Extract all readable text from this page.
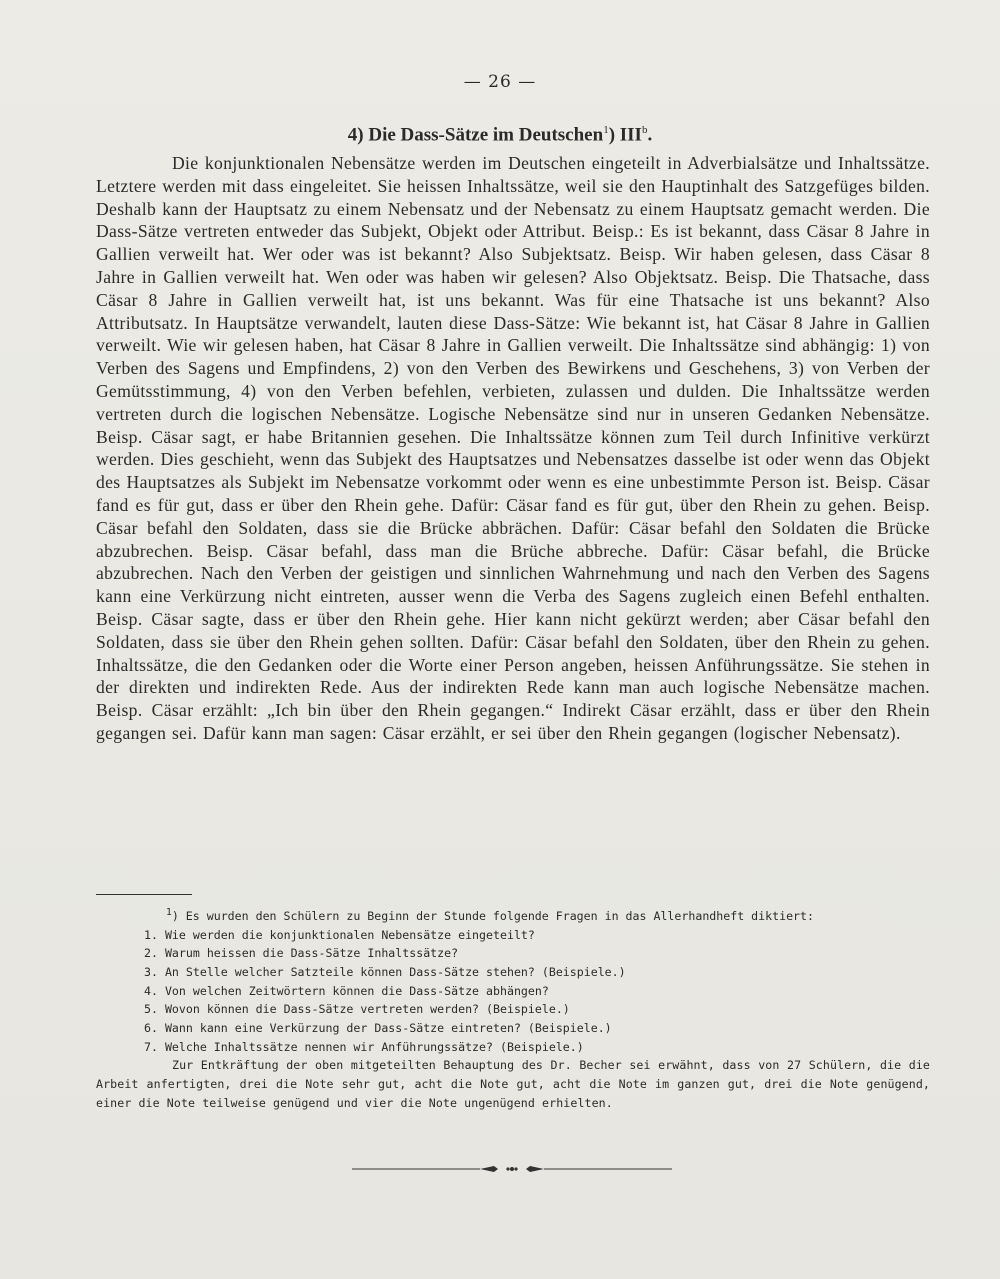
— 26 —
4) Die Dass-Sätze im Deutschen$^1$) III$^b$.

Die konjunktionalen Nebensätze werden im Deutschen eingeteilt in Adverbialsätze und Inhaltssätze. Letztere werden mit dass eingeleitet. Sie heissen Inhaltssätze, weil sie den Hauptinhalt des Satzgefüges bilden. Deshalb kann der Hauptsatz zu einem Nebensatz und der Nebensatz zu einem Hauptsatz gemacht werden. Die Dass-Sätze vertreten entweder das Subjekt, Objekt oder Attribut. Beisp.: Es ist bekannt, dass Cäsar 8 Jahre in Gallien verweilt hat. Wer oder was ist bekannt? Also Subjektsatz. Beisp. Wir haben gelesen, dass Cäsar 8 Jahre in Gallien verweilt hat. Wen oder was haben wir gelesen? Also Objektsatz. Beisp. Die Thatsache, dass Cäsar 8 Jahre in Gallien verweilt hat, ist uns bekannt. Was für eine Thatsache ist uns bekannt? Also Attributsatz. In Hauptsätze verwandelt, lauten diese Dass-Sätze: Wie bekannt ist, hat Cäsar 8 Jahre in Gallien verweilt. Wie wir gelesen haben, hat Cäsar 8 Jahre in Gallien verweilt. Die Inhaltssätze sind abhängig: 1) von Verben des Sagens und Empfindens, 2) von den Verben des Bewirkens und Geschehens, 3) von Verben der Gemütsstimmung, 4) von den Verben befehlen, verbieten, zulassen und dulden. Die Inhaltssätze werden vertreten durch die logischen Nebensätze. Logische Nebensätze sind nur in unseren Gedanken Nebensätze. Beisp. Cäsar sagt, er habe Britannien gesehen. Die Inhaltssätze können zum Teil durch Infinitive verkürzt werden. Dies geschieht, wenn das Subjekt des Hauptsatzes und Nebensatzes dasselbe ist oder wenn das Objekt des Hauptsatzes als Subjekt im Nebensatze vorkommt oder wenn es eine unbestimmte Person ist. Beisp. Cäsar fand es für gut, dass er über den Rhein gehe. Dafür: Cäsar fand es für gut, über den Rhein zu gehen. Beisp. Cäsar befahl den Soldaten, dass sie die Brücke abbrächen. Dafür: Cäsar befahl den Soldaten die Brücke abzubrechen. Beisp. Cäsar befahl, dass man die Brüche abbreche. Dafür: Cäsar befahl, die Brücke abzubrechen. Nach den Verben der geistigen und sinnlichen Wahrnehmung und nach den Verben des Sagens kann eine Verkürzung nicht eintreten, ausser wenn die Verba des Sagens zugleich einen Befehl enthalten. Beisp. Cäsar sagte, dass er über den Rhein gehe. Hier kann nicht gekürzt werden; aber Cäsar befahl den Soldaten, dass sie über den Rhein gehen sollten. Dafür: Cäsar befahl den Soldaten, über den Rhein zu gehen. Inhaltssätze, die den Gedanken oder die Worte einer Person angeben, heissen Anführungssätze. Sie stehen in der direkten und indirekten Rede. Aus der indirekten Rede kann man auch logische Nebensätze machen. Beisp. Cäsar erzählt: „Ich bin über den Rhein gegangen.“ Indirekt Cäsar erzählt, dass er über den Rhein gegangen sei. Dafür kann man sagen: Cäsar erzählt, er sei über den Rhein gegangen (logischer Nebensatz).

$^1$) Es wurden den Schülern zu Beginn der Stunde folgende Fragen in das Allerhandheft diktiert:
1. Wie werden die konjunktionalen Nebensätze eingeteilt?
2. Warum heissen die Dass-Sätze Inhaltssätze?
3. An Stelle welcher Satzteile können Dass-Sätze stehen? (Beispiele.)
4. Von welchen Zeitwörtern können die Dass-Sätze abhängen?
5. Wovon können die Dass-Sätze vertreten werden? (Beispiele.)
6. Wann kann eine Verkürzung der Dass-Sätze eintreten? (Beispiele.)
7. Welche Inhaltssätze nennen wir Anführungssätze? (Beispiele.)
Zur Entkräftung der oben mitgeteilten Behauptung des Dr. Becher sei erwähnt, dass von 27 Schülern, die die Arbeit anfertigten, drei die Note sehr gut, acht die Note gut, acht die Note im ganzen gut, drei die Note genügend, einer die Note teilweise genügend und vier die Note ungenügend erhielten.
